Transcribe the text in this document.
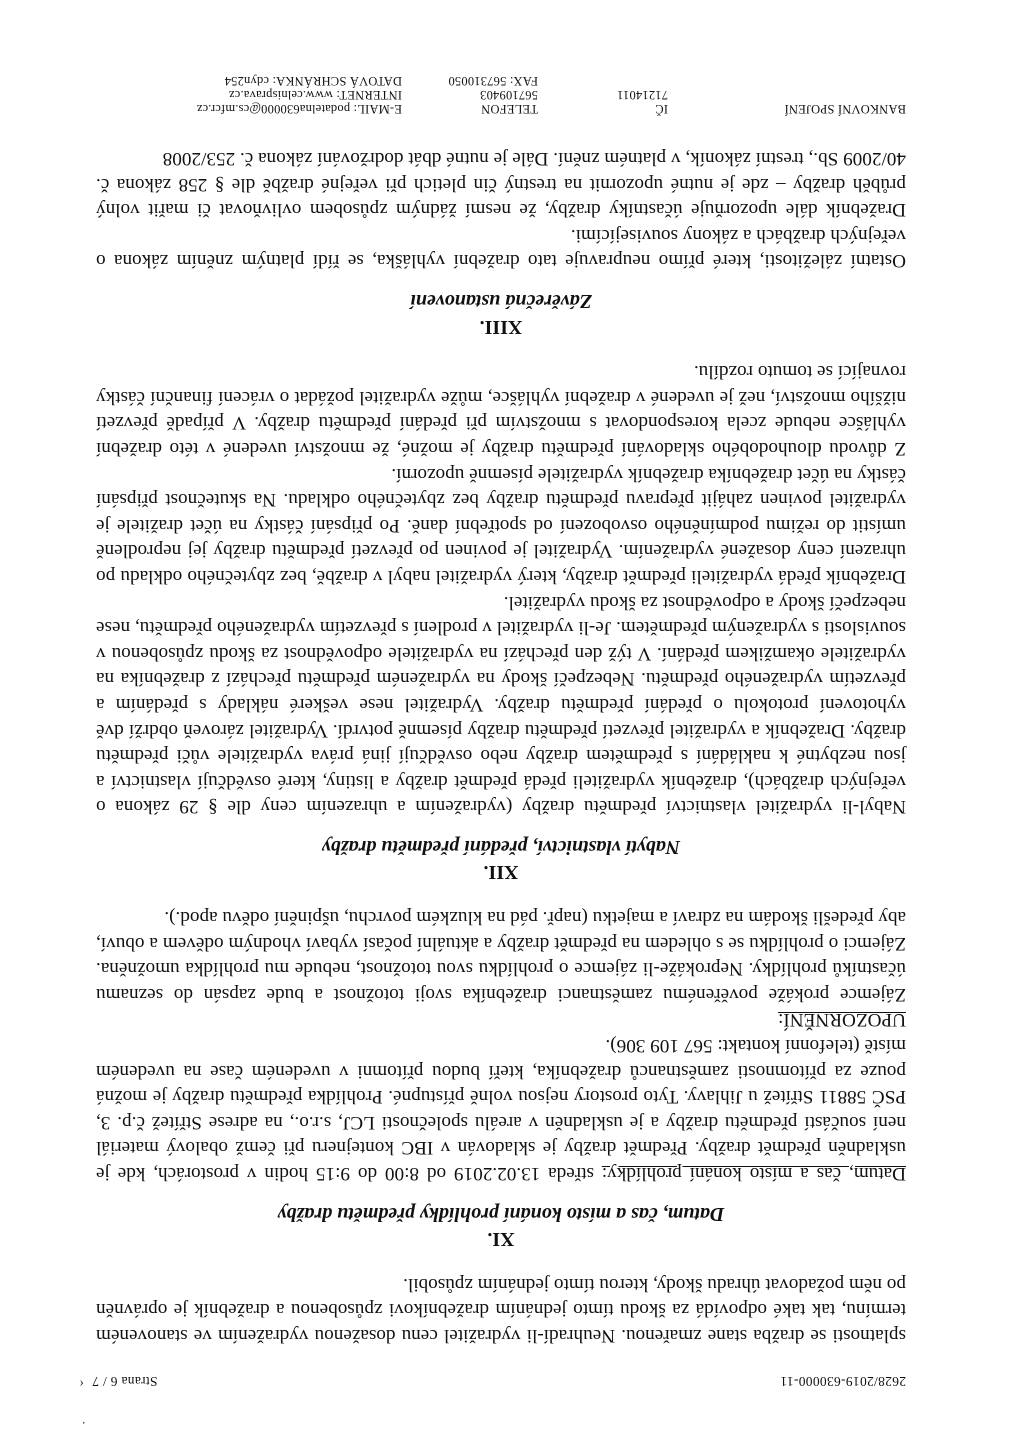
2628/2019-630000-11
Strana 6 / 7

splatnosti se dražba stane zmařenou. Neuhradí-li vydražitel cenu dosaženou vydražením ve stanoveném termínu, tak také odpovídá za škodu tímto jednáním dražebníkovi způsobenou a dražebník je oprávněn po něm požadovat úhradu škody, kterou tímto jednáním způsobil.

XI.
Datum, čas a místo konání prohlídky předmětu dražby

Datum, čas a místo konání prohlídky: středa 13.02.2019 od 8:00 do 9:15 hodin v prostorách, kde je uskladněn předmět dražby. Předmět dražby je skladován v IBC kontejneru při čemž obalový materiál není součástí předmětu dražby a je uskladněn v areálu společnosti LCJ, s.r.o., na adrese Střítež č.p. 3, PSČ 58811 Střítež u Jihlavy. Tyto prostory nejsou volně přístupné. Prohlídka předmětu dražby je možná pouze za přítomnosti zaměstnanců dražebníka, kteří budou přítomni v uvedeném čase na uvedeném místě (telefonní kontakt: 567 109 306).

UPOZORNĚNÍ:
Zájemce prokáže pověřenému zaměstnanci dražebníka svoji totožnost a bude zapsán do seznamu účastníků prohlídky. Neprokáže-li zájemce o prohlídku svou totožnost, nebude mu prohlídka umožněna. Zájemci o prohlídku se s ohledem na předmět dražby a aktuální počasí vybaví vhodným oděvem a obuví, aby předešli škodám na zdraví a majetku (např. pád na kluzkém povrchu, ušpinění oděvu apod.).

XII.
Nabytí vlastnictví, předání předmětu dražby

Nabyl-li vydražitel vlastnictví předmětu dražby (vydražením a uhrazením ceny dle § 29 zákona o veřejných dražbách), dražebník vydražiteli předá předmět dražby a listiny, které osvědčují vlastnictví a jsou nezbytné k nakládání s předmětem dražby nebo osvědčují jiná práva vydražitele vůči předmětu dražby. Dražebník a vydražitel převzetí předmětu dražby písemně potvrdí. Vydražitel zároveň obdrží dvě vyhotovení protokolu o předání předmětu dražby. Vydražitel nese veškeré náklady s předáním a převzetím vydraženého předmětu. Nebezpečí škody na vydraženém předmětu přechází z dražebníka na vydražitele okamžikem předání. V týž den přechází na vydražitele odpovědnost za škodu způsobenou v souvislosti s vydraženým předmětem. Je-li vydražitel v prodlení s převzetím vydraženého předmětu, nese nebezpečí škody a odpovědnost za škodu vydražitel.

Dražebník předá vydražiteli předmět dražby, který vydražitel nabyl v dražbě, bez zbytečného odkladu po uhrazení ceny dosažené vydražením. Vydražitel je povinen po převzetí předmětu dražby jej neprodleně umístit do režimu podmíněného osvobození od spotřební daně. Po připsání částky na účet dražitele je vydražitel povinen zahájit přepravu předmětu dražby bez zbytečného odkladu. Na skutečnost připsání částky na účet dražebníka dražebník vydražitele písemně upozorní.

Z důvodu dlouhodobého skladování předmětu dražby je možné, že množství uvedené v této dražební vyhlášce nebude zcela korespondovat s množstvím při předání předmětu dražby. V případě převzetí nižšího množství, než je uvedené v dražební vyhlášce, může vydražitel požádat o vrácení finanční částky rovnající se tomuto rozdílu.

XIII.
Závěrečná ustanovení

Ostatní záležitosti, které přímo neupravuje tato dražební vyhláška, se řídí platným zněním zákona o veřejných dražbách a zákony souvisejícími.

Dražebník dále upozorňuje účastníky dražby, že nesmí žádným způsobem ovlivňovat či mařit volný průběh dražby – zde je nutné upozornit na trestný čin pletich při veřejné dražbě dle § 258 zákona č. 40/2009 Sb., trestní zákoník, v platném znění. Dále je nutné dbát dodržování zákona č. 253/2008

BANKOVNÍ SPOJENÍ
IČ
71214011
TELEFON
567109403
FAX: 567310050
E-MAIL: podatelna630000@cs.mfcr.cz
INTERNET: www.celnisprava.cz
DATOVÁ SCHRÁNKA: cdyn254
‹
·
